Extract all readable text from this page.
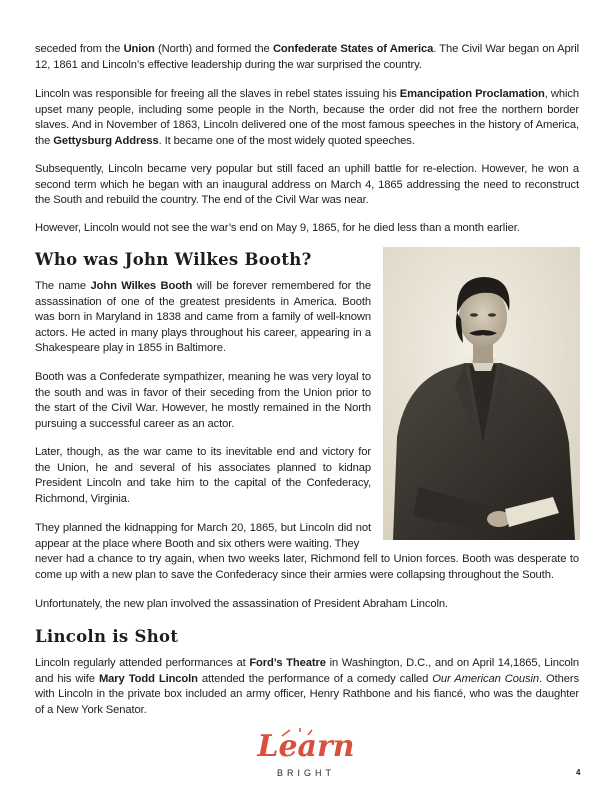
seceded from the Union (North) and formed the Confederate States of America. The Civil War began on April 12, 1861 and Lincoln’s effective leadership during the war surprised the country.

Lincoln was responsible for freeing all the slaves in rebel states issuing his Emancipation Proclamation, which upset many people, including some people in the North, because the order did not free the northern border slaves. And in November of 1863, Lincoln delivered one of the most famous speeches in the history of America, the Gettysburg Address. It became one of the most widely quoted speeches.

Subsequently, Lincoln became very popular but still faced an uphill battle for re-election. However, he won a second term which he began with an inaugural address on March 4, 1865 addressing the need to reconstruct the South and rebuild the country. The end of the Civil War was near.

However, Lincoln would not see the war’s end on May 9, 1865, for he died less than a month earlier.

Who was John Wilkes Booth?

The name John Wilkes Booth will be forever remembered for the assassination of one of the greatest presidents in America. Booth was born in Maryland in 1838 and came from a family of well-known actors. He acted in many plays throughout his career, appearing in a Shakespeare play in 1855 in Baltimore.

Booth was a Confederate sympathizer, meaning he was very loyal to the south and was in favor of their seceding from the Union prior to the start of the Civil War. However, he mostly remained in the North pursuing a successful career as an actor.

Later, though, as the war came to its inevitable end and victory for the Union, he and several of his associates planned to kidnap President Lincoln and take him to the capital of the Confederacy, Richmond, Virginia.

They planned the kidnapping for March 20, 1865, but Lincoln did not appear at the place where Booth and six others were waiting. They

never had a chance to try again, when two weeks later, Richmond fell to Union forces. Booth was desperate to come up with a new plan to save the Confederacy since their armies were collapsing throughout the South.

Unfortunately, the new plan involved the assassination of President Abraham Lincoln.

Lincoln is Shot

Lincoln regularly attended performances at Ford’s Theatre in Washington, D.C., and on April 14,1865, Lincoln and his wife Mary Todd Lincoln attended the performance of a comedy called Our American Cousin. Others with Lincoln in the private box included an army officer, Henry Rathbone and his fiancé, who was the daughter of a New York Senator.

Learn
BRIGHT	4
